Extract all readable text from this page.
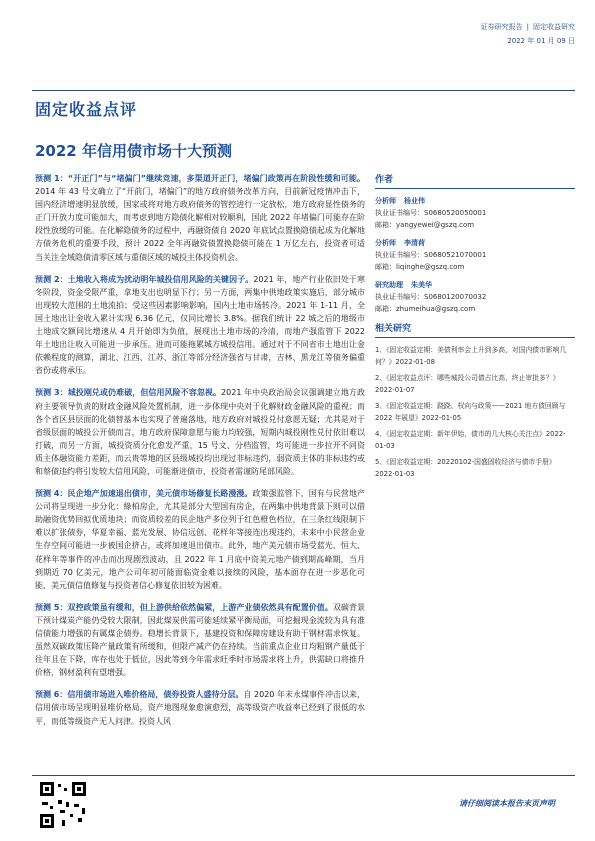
证券研究报告 | 固定收益研究
2022 年 01 月 09 日
固定收益点评
2022 年信用债市场十大预测

预测 1：“开正门”与“堵偏门”继续竞速，多渠道开正门，堵偏门政策再在阶段性缓和可能。2014 年 43 号文确立了“开前门，堵偏门”的地方政府债务改革方向，目前新冠疫情冲击下，国内经济增速明显放缓，国家或将对地方政府债务的管控进行一定放松，地方政府显性债务的正门开放力度可能加大，而考虑到地方隐债化解相对较顺利，国此 2022 年堵偏门可能存在阶段性放缓的可能。在化解隐债务的过程中，再融资债自 2020 年底试点置换隐债起成为化解地方债务危机的重要手段，预计 2022 全年再融资债置换隐债可能在 1 万亿左右，投资者可适当关注全域隐债清零区域与重债区域的城投主体投资机会。

预测 2：土地收入将成为扰动明年城投信用风险的关键因子。2021 年，地产行业依旧处于寒冬阶段，资金受限严重，拿地支出也明显下行；另一方面，两集中供地政策实施后，部分城市出现较大范围的土地流拍；受这些因素影响影响，国内土地市场转冷。2021 年 1-11 月，全国土地出让金收入累计实现 6.36 亿元，仅同比增长 3.8%。据我们统计 22 城之后的地级市土地成交额同比增速从 4 月开始即为负值，展现出土地市场的冷清，而地产强监管下 2022 年土地出让收入可能进一步承压。进而可能拖累城方城投信用。通过对于不同省市土地出让金依赖程度的测算，湖北、江西、江苏、浙江等部分经济强省与甘肃，吉林、黑龙江等债务偏重省份或将承压。

预测 3：城投刚兑或仍难破，但信用风险不容忽视。2021 年中央政治局会议强调建立地方政府主要领导负责的财政金融风险处置机制，进一步体现中央对于化解财政金融风险的重视；而各个省区县层面的化债替基本也实现了普遍落地，地方政府对城投兑付意愿无疑；尤其是对于省级层面的城投公开债而言，地方政府保障意愿与能力均较强，短期内城投刚性兑付依旧难以打破，而另一方面，城投资质分化愈发严重，15 号文、分档监管，均可能进一步拉开不同资质主体融资能力差距，而云贵等地的区县级城投均出现过非标违约，弱资质主体的非标违约或和蔡债违约将引发较大信用风险，可能渐进债市，投资者需谨防尾部风险。

预测 4：民企地产加速退出债市，美元债市场修复长路漫漫。政策强监管下，国有与民营地产公司将呈现进一步分化：綠柏房企，尤其是部分大型国有房企，在两集中供地背景下则可以借助融资优势回拟优质地块；而资质较差的民企地产多位列于红色橙色档位，在三条红线限制下难以扩张债券，华夏幸福、蓝光发展、协信远创、花样年等接连出现违约，未来中小民营企业生存空间可能进一步被国企挤占，或将加速退出债市。此外，地产美元债市场受蓝光、恒大、花样年等事件的冲击而出现剧烈波动，且 2022 年 1 月底中资美元地产债到期高峰期，当月到期近 70 亿美元，地产公司年初可能面临资金难以接续的风险，基本面存在进一步恶化可能，美元债信值修复与投资者信心修复依旧较为困难。

预测 5：双控政策虽有缓和，但上游供给依然偏紧，上游产业债依然具有配置价值。双碳背景下预计煤炭产能仍受较大限制，因此煤炭供需可能延续紧平衡局面，可挖掘现金流较为具有准信债能力增强的有属煤企债券。稳增长背景下，基建投资和保障房建设有助于钢材需求恢复。虽然双碳政策压降产量政策有所缓和，但限产减产仍在持续。当前重点企业日均粗钢产量低于往年且在下降，库存也处于低位，因此等到今年需求旺季时市场需求将上升，供需缺口将推升价格，钢材盈利有望增强。

预测 6：信用债市场进入唯价格局，债券投资人盛待分层。自 2020 年末永煤事件冲击以来，信用债市场呈现明显唯价格局，资产地图现象愈演愈烈，高等级资产收益率已经到了很低的水平，而低等级资产无人问津。投资人风

作者
分析师 杨业伟
执业证书编号：S0680520050001
邮箱：yangyewei@gszq.com
分析师 李清荷
执业证书编号：S0680521070001
邮箱：liqinghe@gszq.com
研究助理 朱美华
执业证书编号：S0680120070032
邮箱：zhumeihua@gszq.com
相关研究
1、《固定收益定期：美债利率会上升到多高，对国内债市影响几何？》2022-01-08
2、《固定收益点评：哪些城投公司债占比高、终止审批多？》2022-01-07
3、《固定收益定期：跷跷、权向与政策——2021 地方债回顾与 2022 年展望》2022-01-05
4、《固定收益定期：新年伊始，债市的几大核心关注点》2022-01-03
5、《固定收益定期：20220102-国盛固收经济与债市手册》2022-01-03
请仔细阅读本报告末页声明
